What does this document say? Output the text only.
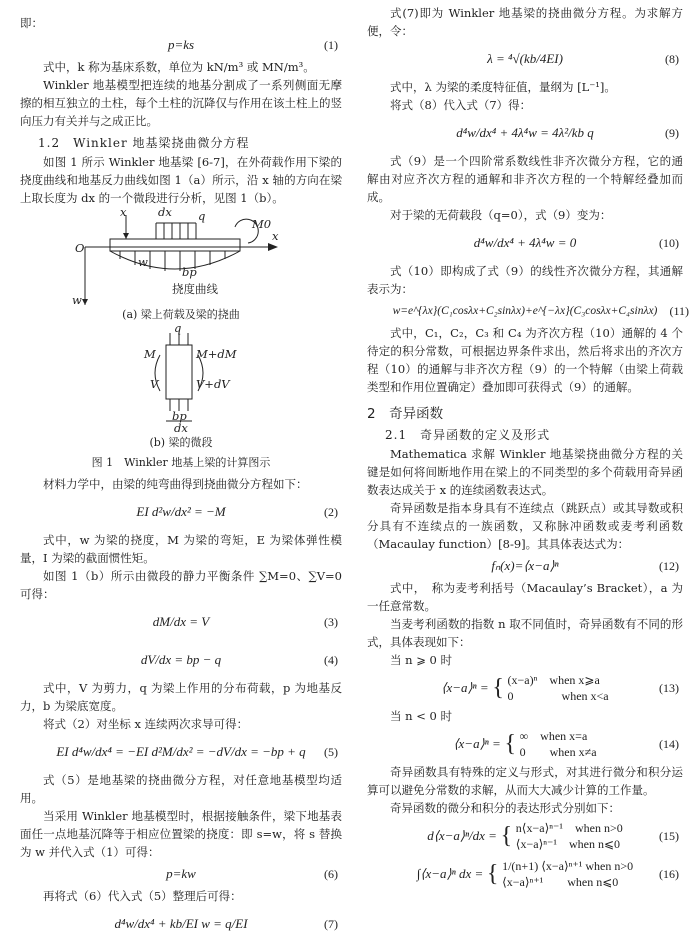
即：

p=ks	(1)

式中，k 称为基床系数，单位为 kN/m³ 或 MN/m³。

Winkler 地基模型把连续的地基分割成了一系列侧面无摩擦的相互独立的土柱，每个土柱的沉降仅与作用在该土柱上的竖向压力有关并与之成正比。

1.2　Winkler 地基梁挠曲微分方程

如图 1 所示 Winkler 地基梁 [6-7]，在外荷载作用下梁的挠度曲线和地基反力曲线如图 1（a）所示，沿 x 轴的方向在梁上取长度为 dx 的一个微段进行分析，见图 1（b）。

x	dx q
M0
x
O
w
bp
挠度曲线
w
(a) 梁上荷载及梁的挠曲
q
M	M+dM
V	V+dV
bp
dx
(b) 梁的微段
图 1　Winkler 地基上梁的计算图示

材料力学中，由梁的纯弯曲得到挠曲微分方程如下：

EI d²w/dx² = −M	(2)

式中，w 为梁的挠度，M 为梁的弯矩，E 为梁体弹性模量，I 为梁的截面惯性矩。

如图 1（b）所示由微段的静力平衡条件 ∑M=0、∑V=0 可得：

dM/dx = V	(3)
dV/dx = bp − q	(4)

式中，V 为剪力，q 为梁上作用的分布荷载，p 为地基反力，b 为梁底宽度。

将式（2）对坐标 x 连续两次求导可得：

EI d⁴w/dx⁴ = −EI d²M/dx² = −dV/dx = −bp + q (5)

式（5）是地基梁的挠曲微分方程，对任意地基模型均适用。

当采用 Winkler 地基模型时，根据接触条件，梁下地基表面任一点地基沉降等于相应位置梁的挠度：即 s=w，将 s 替换为 w 并代入式（1）可得：

p=kw	(6)

再将式（6）代入式（5）整理后可得：

d⁴w/dx⁴ + kb/EI w = q/EI	(7)

式(7)即为 Winkler 地基梁的挠曲微分方程。为求解方便，令：

λ = ⁴√(kb/4EI)	(8)

式中，λ 为梁的柔度特征值，量纲为 [L⁻¹]。

将式（8）代入式（7）得：

d⁴w/dx⁴ + 4λ⁴w = 4λ²/kb q	(9)

式（9）是一个四阶常系数线性非齐次微分方程，它的通解由对应齐次方程的通解和非齐次方程的一个特解经叠加而成。

对于梁的无荷载段（q=0），式（9）变为：

d⁴w/dx⁴ + 4λ⁴w = 0	(10)

式（10）即构成了式（9）的线性齐次微分方程，其通解表示为：

w=e^{λx}(C₁cosλx+C₂sinλx)+e^{−λx}(C₃cosλx+C₄sinλx) (11)

式中，C₁，C₂，C₃ 和 C₄ 为齐次方程（10）通解的 4 个待定的积分常数，可根据边界条件求出，然后将求出的齐次方程（10）的通解与非齐次方程（9）的一个特解（由梁上荷载类型和作用位置确定）叠加即可获得式（9）的通解。

2　奇异函数
2.1　奇异函数的定义及形式

Mathematica 求解 Winkler 地基梁挠曲微分方程的关键是如何将间断地作用在梁上的不同类型的多个荷载用奇异函数表达成关于 x 的连续函数表达式。

奇异函数是指本身具有不连续点（跳跃点）或其导数或积分具有不连续点的一族函数，又称脉冲函数或麦考利函数（Macaulay function）[8-9]。其具体表达式为：

fₙ(x)=⟨x−a⟩ⁿ	(12)

式中，　称为麦考利括号（Macaulay’s Bracket），a 为一任意常数。

当麦考利函数的指数 n 取不同值时，奇异函数有不同的形式，具体表现如下：

当 n ⩾ 0 时

⟨x−a⟩ⁿ = { (x−a)ⁿ　when x⩾a
0　　　　when x<a
(13)

当 n < 0 时

⟨x−a⟩ⁿ = { ∞　when x=a
0　　when x≠a
(14)

奇异函数具有特殊的定义与形式，对其进行微分和积分运算可以避免分常数的求解，从而大大减少计算的工作量。

奇异函数的微分和积分的表达形式分别如下：

d⟨x−a⟩ⁿ/dx = { n⟨x−a⟩ⁿ⁻¹　when n>0
⟨x−a⟩ⁿ⁻¹　when n⩽0
(15)
∫⟨x−a⟩ⁿ dx = { 1/(n+1) ⟨x−a⟩ⁿ⁺¹ when n>0
⟨x−a⟩ⁿ⁺¹　　when n⩽0
(16)
